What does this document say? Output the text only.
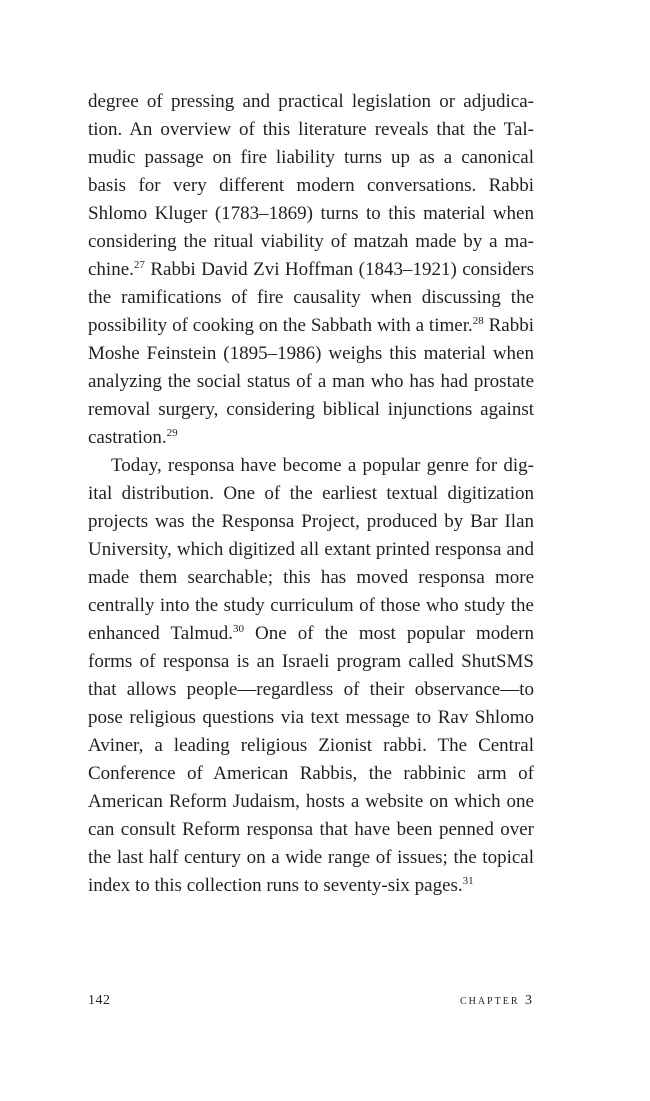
degree of pressing and practical legislation or adjudication. An overview of this literature reveals that the Talmudic passage on fire liability turns up as a canonical basis for very different modern conversations. Rabbi Shlomo Kluger (1783–1869) turns to this material when considering the ritual viability of matzah made by a machine.$^{27}$ Rabbi David Zvi Hoffman (1843–1921) considers the ramifications of fire causality when discussing the possibility of cooking on the Sabbath with a timer.$^{28}$ Rabbi Moshe Feinstein (1895–1986) weighs this material when analyzing the social status of a man who has had prostate removal surgery, considering biblical injunctions against castration.$^{29}$

Today, responsa have become a popular genre for digital distribution. One of the earliest textual digitization projects was the Responsa Project, produced by Bar Ilan University, which digitized all extant printed responsa and made them searchable; this has moved responsa more centrally into the study curriculum of those who study the enhanced Talmud.$^{30}$ One of the most popular modern forms of responsa is an Israeli program called ShutSMS that allows people—regardless of their observance—to pose religious questions via text message to Rav Shlomo Aviner, a leading religious Zionist rabbi. The Central Conference of American Rabbis, the rabbinic arm of American Reform Judaism, hosts a website on which one can consult Reform responsa that have been penned over the last half century on a wide range of issues; the topical index to this collection runs to seventy-six pages.$^{31}$

142	chapter 3
